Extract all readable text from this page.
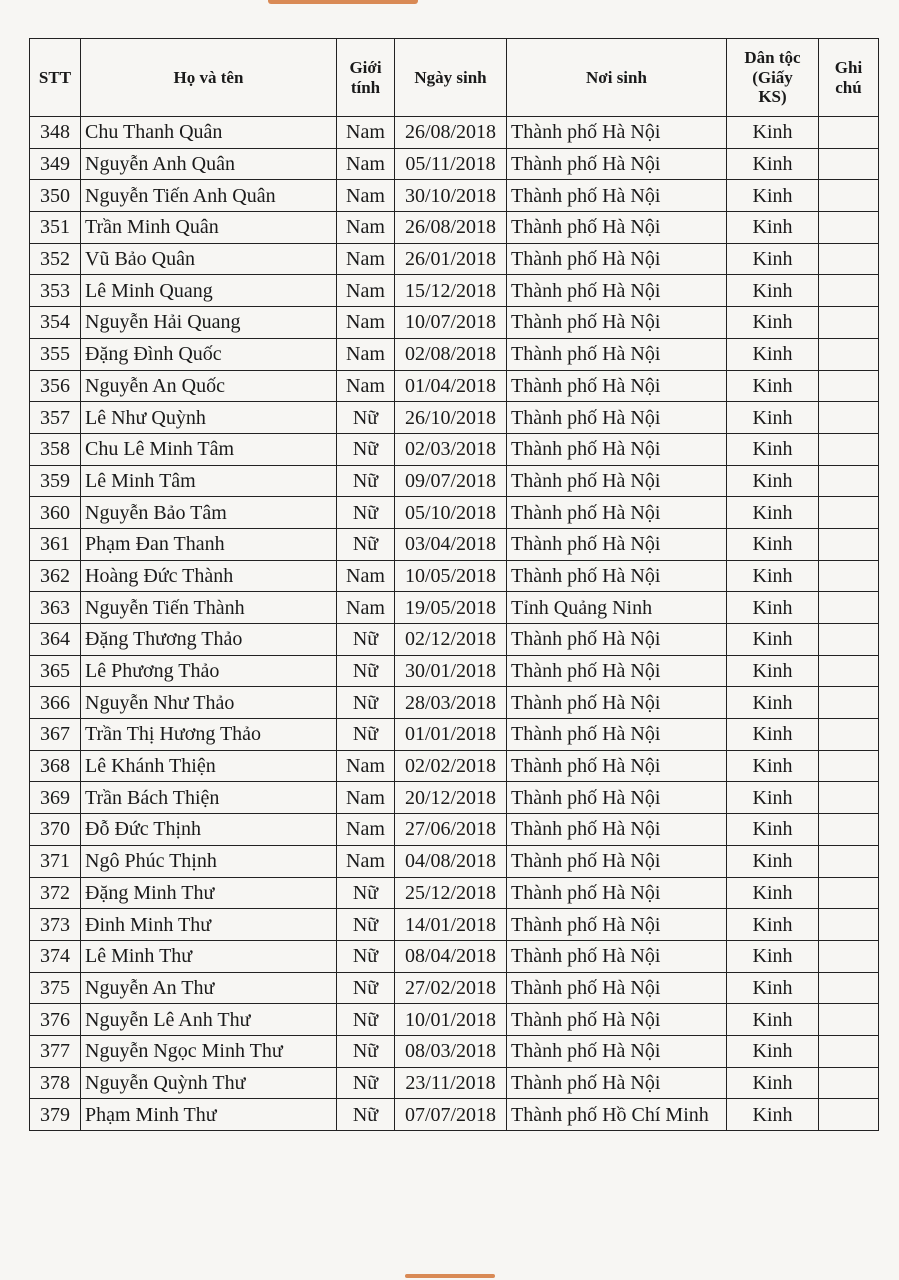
STT	Họ và tên	Giới tính	Ngày sinh	Nơi sinh	Dân tộc (Giấy KS)	Ghi chú
348	Chu Thanh Quân	Nam	26/08/2018	Thành phố Hà Nội	Kinh	
349	Nguyễn Anh Quân	Nam	05/11/2018	Thành phố Hà Nội	Kinh	
350	Nguyễn Tiến Anh Quân	Nam	30/10/2018	Thành phố Hà Nội	Kinh	
351	Trần Minh Quân	Nam	26/08/2018	Thành phố Hà Nội	Kinh	
352	Vũ Bảo Quân	Nam	26/01/2018	Thành phố Hà Nội	Kinh	
353	Lê Minh Quang	Nam	15/12/2018	Thành phố Hà Nội	Kinh	
354	Nguyễn Hải Quang	Nam	10/07/2018	Thành phố Hà Nội	Kinh	
355	Đặng Đình Quốc	Nam	02/08/2018	Thành phố Hà Nội	Kinh	
356	Nguyễn An Quốc	Nam	01/04/2018	Thành phố Hà Nội	Kinh	
357	Lê Như Quỳnh	Nữ	26/10/2018	Thành phố Hà Nội	Kinh	
358	Chu Lê Minh Tâm	Nữ	02/03/2018	Thành phố Hà Nội	Kinh	
359	Lê Minh Tâm	Nữ	09/07/2018	Thành phố Hà Nội	Kinh	
360	Nguyễn Bảo Tâm	Nữ	05/10/2018	Thành phố Hà Nội	Kinh	
361	Phạm Đan Thanh	Nữ	03/04/2018	Thành phố Hà Nội	Kinh	
362	Hoàng Đức Thành	Nam	10/05/2018	Thành phố Hà Nội	Kinh	
363	Nguyễn Tiến Thành	Nam	19/05/2018	Tỉnh Quảng Ninh	Kinh	
364	Đặng Thương Thảo	Nữ	02/12/2018	Thành phố Hà Nội	Kinh	
365	Lê Phương Thảo	Nữ	30/01/2018	Thành phố Hà Nội	Kinh	
366	Nguyễn Như Thảo	Nữ	28/03/2018	Thành phố Hà Nội	Kinh	
367	Trần Thị Hương Thảo	Nữ	01/01/2018	Thành phố Hà Nội	Kinh	
368	Lê Khánh Thiện	Nam	02/02/2018	Thành phố Hà Nội	Kinh	
369	Trần Bách Thiện	Nam	20/12/2018	Thành phố Hà Nội	Kinh	
370	Đỗ Đức Thịnh	Nam	27/06/2018	Thành phố Hà Nội	Kinh	
371	Ngô Phúc Thịnh	Nam	04/08/2018	Thành phố Hà Nội	Kinh	
372	Đặng Minh Thư	Nữ	25/12/2018	Thành phố Hà Nội	Kinh	
373	Đinh Minh Thư	Nữ	14/01/2018	Thành phố Hà Nội	Kinh	
374	Lê Minh Thư	Nữ	08/04/2018	Thành phố Hà Nội	Kinh	
375	Nguyễn An Thư	Nữ	27/02/2018	Thành phố Hà Nội	Kinh	
376	Nguyễn Lê Anh Thư	Nữ	10/01/2018	Thành phố Hà Nội	Kinh	
377	Nguyễn Ngọc Minh Thư	Nữ	08/03/2018	Thành phố Hà Nội	Kinh	
378	Nguyễn Quỳnh Thư	Nữ	23/11/2018	Thành phố Hà Nội	Kinh	
379	Phạm Minh Thư	Nữ	07/07/2018	Thành phố Hồ Chí Minh	Kinh	
